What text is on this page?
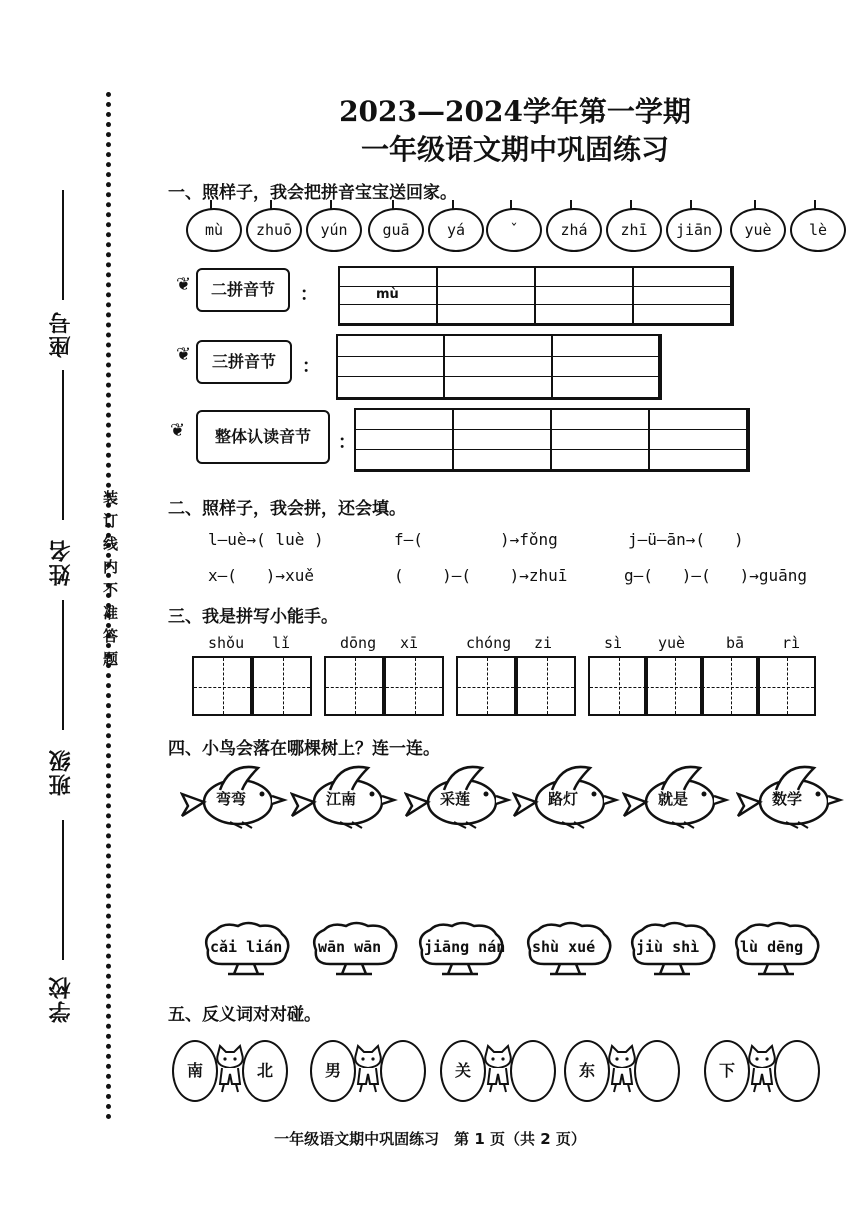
座号
姓名
班级
学校
装订线内不准答题
2023—2024学年第一学期
一年级语文期中巩固练习
一、照样子，我会把拼音宝宝送回家。
mù	zhuō	yún	guā	yá	ˇ	zhá	zhī	jiān	yuè	lè
❦	二拼音节	：	mù
❦	三拼音节	：
❦	整体认读音节	：
二、照样子，我会拼，还会填。
l—uè→( luè )	f—(        )→fǒng	j—ü—ān→(   )
x—(   )→xuě	(    )—(    )→zhuī	g—(   )—(   )→guāng
三、我是拼写小能手。
shǒu lǐ	dōng xī	chóng zi	sì yuè	bā	rì
四、小鸟会落在哪棵树上？连一连。
弯弯	江南	采莲	路灯	就是	数学
cǎi lián wān wān	jiāng nán shù xué	jiù shì	lù dēng
五、反义词对对碰。
南	北	男	关	东	下
一年级语文期中巩固练习　第 1 页（共 2 页）
